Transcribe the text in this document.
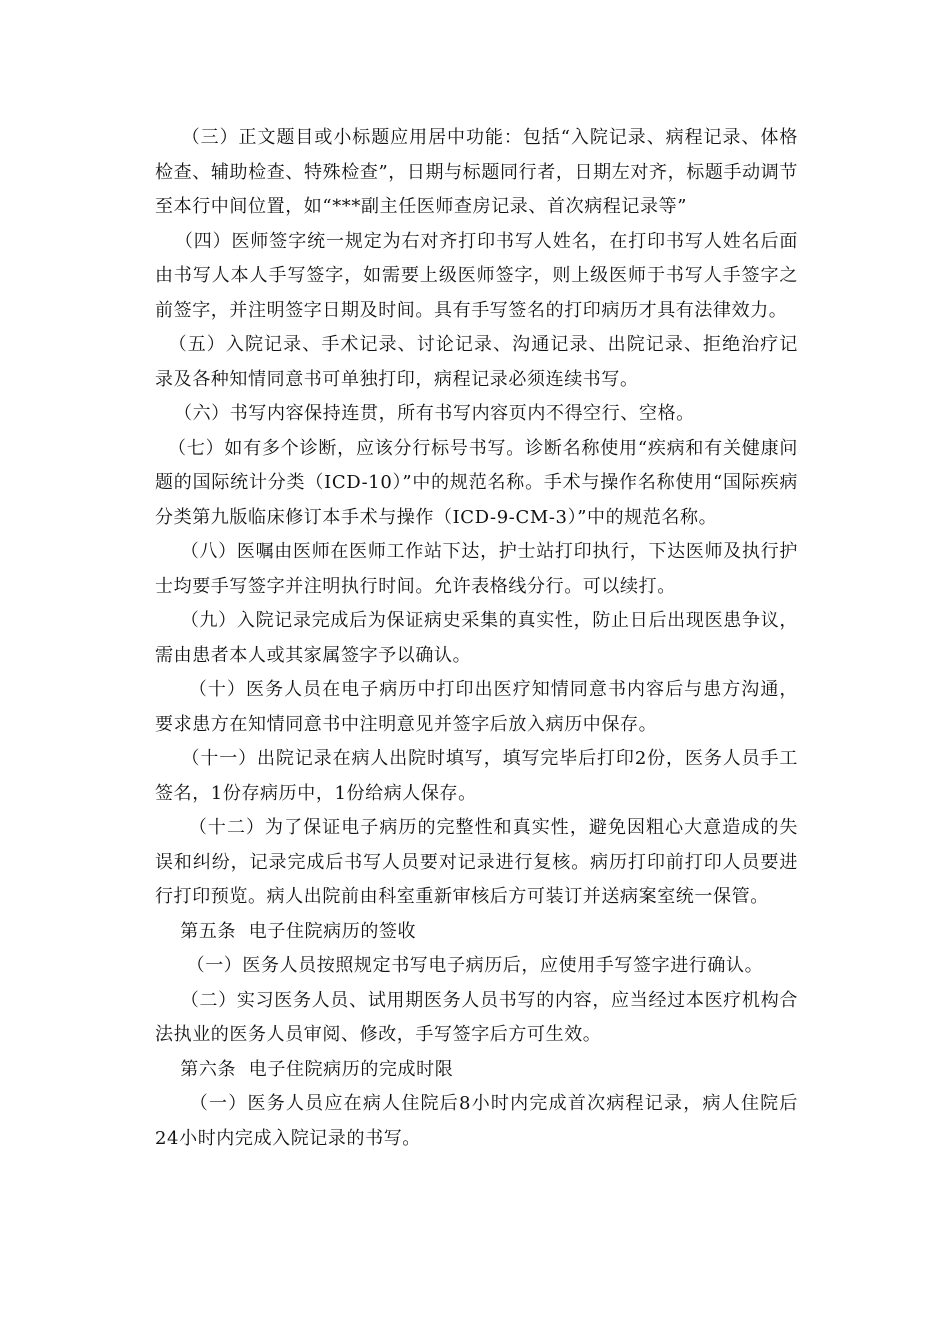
（三）正文题目或小标题应用居中功能：包括“入院记录、病程记录、体格检查、辅助检查、特殊检查”，日期与标题同行者，日期左对齐，标题手动调节至本行中间位置，如“***副主任医师查房记录、首次病程记录等”

（四）医师签字统一规定为右对齐打印书写人姓名，在打印书写人姓名后面由书写人本人手写签字，如需要上级医师签字，则上级医师于书写人手签字之前签字，并注明签字日期及时间。具有手写签名的打印病历才具有法律效力。

（五）入院记录、手术记录、讨论记录、沟通记录、出院记录、拒绝治疗记录及各种知情同意书可单独打印，病程记录必须连续书写。

（六）书写内容保持连贯，所有书写内容页内不得空行、空格。

（七）如有多个诊断，应该分行标号书写。诊断名称使用“疾病和有关健康问题的国际统计分类（ICD-10）”中的规范名称。手术与操作名称使用“国际疾病分类第九版临床修订本手术与操作（ICD-9-CM-3）”中的规范名称。

（八）医嘱由医师在医师工作站下达，护士站打印执行，下达医师及执行护士均要手写签字并注明执行时间。允许表格线分行。可以续打。

（九）入院记录完成后为保证病史采集的真实性，防止日后出现医患争议，需由患者本人或其家属签字予以确认。

（十）医务人员在电子病历中打印出医疗知情同意书内容后与患方沟通，要求患方在知情同意书中注明意见并签字后放入病历中保存。

（十一）出院记录在病人出院时填写，填写完毕后打印2份，医务人员手工签名，1份存病历中，1份给病人保存。

（十二）为了保证电子病历的完整性和真实性，避免因粗心大意造成的失误和纠纷，记录完成后书写人员要对记录进行复核。病历打印前打印人员要进行打印预览。病人出院前由科室重新审核后方可装订并送病案室统一保管。

第五条  电子住院病历的签收

（一）医务人员按照规定书写电子病历后，应使用手写签字进行确认。

（二）实习医务人员、试用期医务人员书写的内容，应当经过本医疗机构合法执业的医务人员审阅、修改，手写签字后方可生效。

第六条  电子住院病历的完成时限

（一）医务人员应在病人住院后8小时内完成首次病程记录，病人住院后24小时内完成入院记录的书写。
